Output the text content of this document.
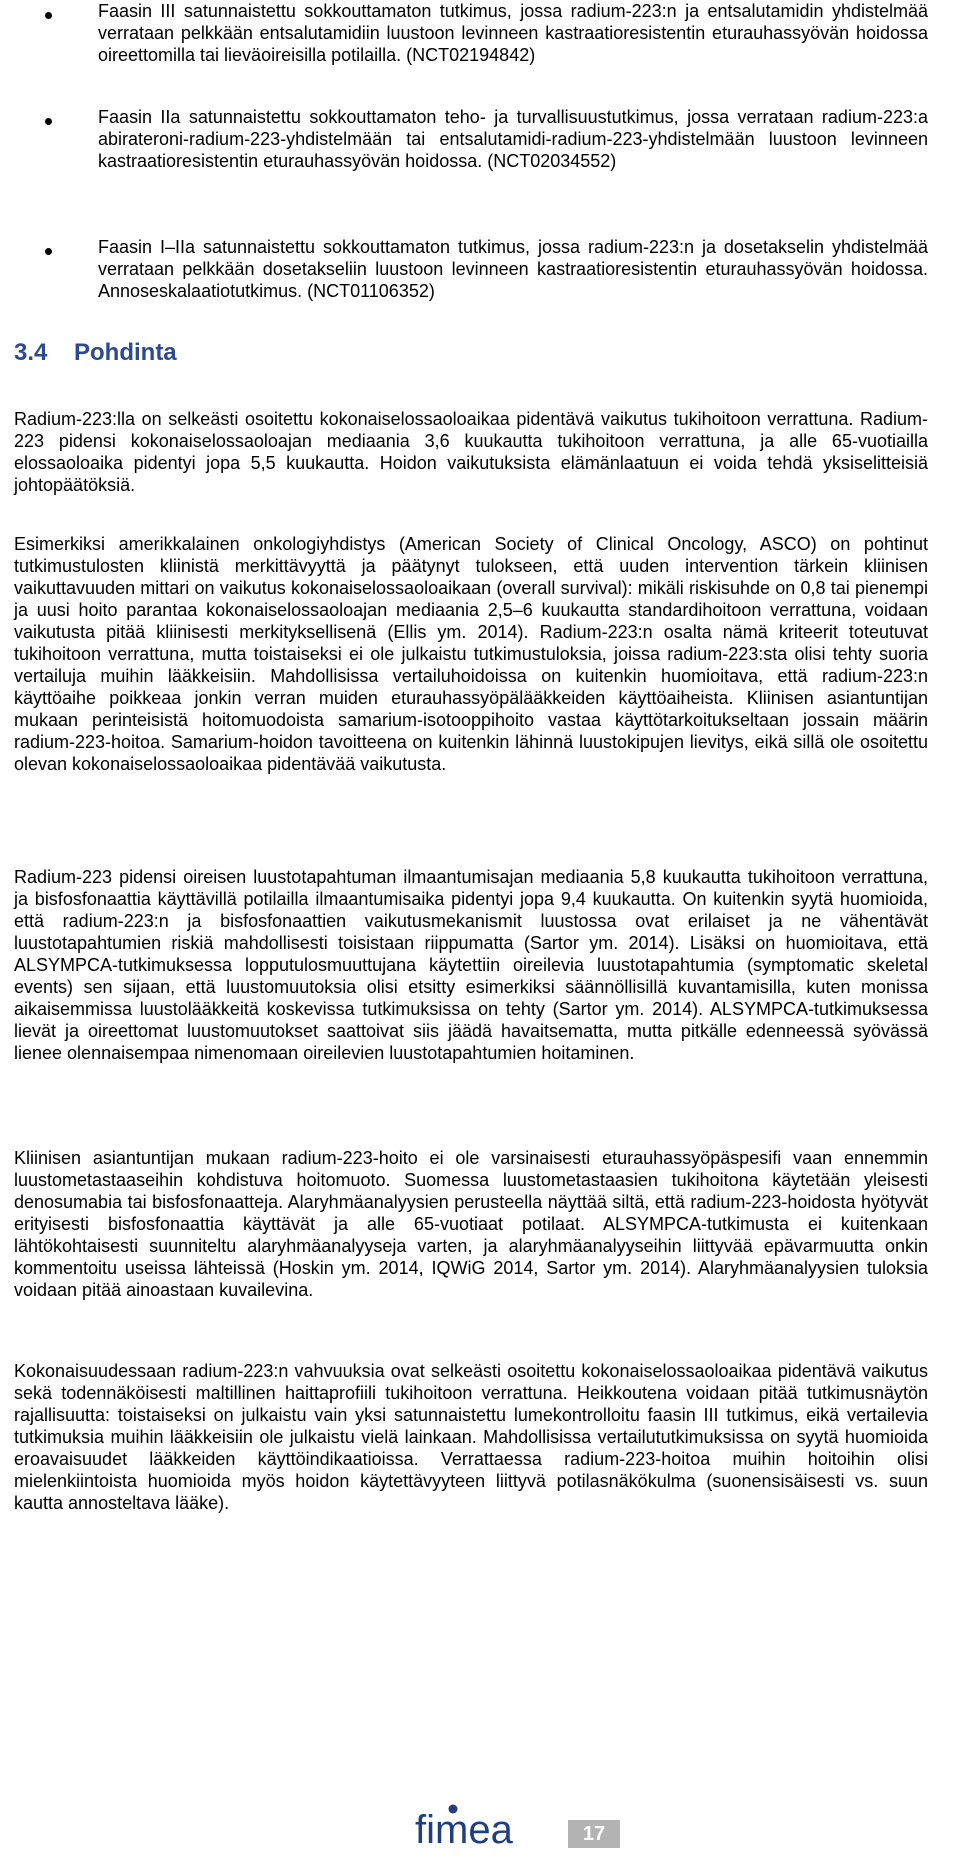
Faasin III satunnaistettu sokkouttamaton tutkimus, jossa radium-223:n ja entsalutamidin yhdistelmää verrataan pelkkään entsalutamidiin luustoon levinneen kastraatioresistentin eturauhassyövän hoidossa oireettomilla tai lieväoireisilla potilailla. (NCT02194842)

Faasin IIa satunnaistettu sokkouttamaton teho- ja turvallisuustutkimus, jossa verrataan radium-223:a abirateroni-radium-223-yhdistelmään tai entsalutamidi-radium-223-yhdistelmään luustoon levinneen kastraatioresistentin eturauhassyövän hoidossa. (NCT02034552)

Faasin I–IIa satunnaistettu sokkouttamaton tutkimus, jossa radium-223:n ja dosetakselin yhdistelmää verrataan pelkkään dosetakseliin luustoon levinneen kastraatioresistentin eturauhassyövän hoidossa. Annoseskalaatiotutkimus. (NCT01106352)

3.4 Pohdinta

Radium-223:lla on selkeästi osoitettu kokonaiselossaoloaikaa pidentävä vaikutus tukihoitoon verrattuna. Radium-223 pidensi kokonaiselossaoloajan mediaania 3,6 kuukautta tukihoitoon verrattuna, ja alle 65-vuotiailla elossaoloaika pidentyi jopa 5,5 kuukautta. Hoidon vaikutuksista elämänlaatuun ei voida tehdä yksiselitteisiä johtopäätöksiä.

Esimerkiksi amerikkalainen onkologiyhdistys (American Society of Clinical Oncology, ASCO) on pohtinut tutkimustulosten kliinistä merkittävyyttä ja päätynyt tulokseen, että uuden intervention tärkein kliinisen vaikuttavuuden mittari on vaikutus kokonaiselossaoloaikaan (overall survival): mikäli riskisuhde on 0,8 tai pienempi ja uusi hoito parantaa kokonaiselossaoloajan mediaania 2,5–6 kuukautta standardihoitoon verrattuna, voidaan vaikutusta pitää kliinisesti merkityksellisenä (Ellis ym. 2014). Radium-223:n osalta nämä kriteerit toteutuvat tukihoitoon verrattuna, mutta toistaiseksi ei ole julkaistu tutkimustuloksia, joissa radium-223:sta olisi tehty suoria vertailuja muihin lääkkeisiin. Mahdollisissa vertailuhoidoissa on kuitenkin huomioitava, että radium-223:n käyttöaihe poikkeaa jonkin verran muiden eturauhassyöpälääkkeiden käyttöaiheista. Kliinisen asiantuntijan mukaan perinteisistä hoitomuodoista samarium-isotooppihoito vastaa käyttötarkoitukseltaan jossain määrin radium-223-hoitoa. Samarium-hoidon tavoitteena on kuitenkin lähinnä luustokipujen lievitys, eikä sillä ole osoitettu olevan kokonaiselossaoloaikaa pidentävää vaikutusta.

Radium-223 pidensi oireisen luustotapahtuman ilmaantumisajan mediaania 5,8 kuukautta tukihoitoon verrattuna, ja bisfosfonaattia käyttävillä potilailla ilmaantumisaika pidentyi jopa 9,4 kuukautta. On kuitenkin syytä huomioida, että radium-223:n ja bisfosfonaattien vaikutusmekanismit luustossa ovat erilaiset ja ne vähentävät luustotapahtumien riskiä mahdollisesti toisistaan riippumatta (Sartor ym. 2014). Lisäksi on huomioitava, että ALSYMPCA-tutkimuksessa lopputulosmuuttujana käytettiin oireilevia luustotapahtumia (symptomatic skeletal events) sen sijaan, että luustomuutoksia olisi etsitty esimerkiksi säännöllisillä kuvantamisilla, kuten monissa aikaisemmissa luustolääkkeitä koskevissa tutkimuksissa on tehty (Sartor ym. 2014). ALSYMPCA-tutkimuksessa lievät ja oireettomat luustomuutokset saattoivat siis jäädä havaitsematta, mutta pitkälle edenneessä syövässä lienee olennaisempaa nimenomaan oireilevien luustotapahtumien hoitaminen.

Kliinisen asiantuntijan mukaan radium-223-hoito ei ole varsinaisesti eturauhassyöpäspesifi vaan ennemmin luustometastaaseihin kohdistuva hoitomuoto. Suomessa luustometastaasien tukihoitona käytetään yleisesti denosumabia tai bisfosfonaatteja. Alaryhmäanalyysien perusteella näyttää siltä, että radium-223-hoidosta hyötyvät erityisesti bisfosfonaattia käyttävät ja alle 65-vuotiaat potilaat. ALSYMPCA-tutkimusta ei kuitenkaan lähtökohtaisesti suunniteltu alaryhmäanalyyseja varten, ja alaryhmäanalyyseihin liittyvää epävarmuutta onkin kommentoitu useissa lähteissä (Hoskin ym. 2014, IQWiG 2014, Sartor ym. 2014). Alaryhmäanalyysien tuloksia voidaan pitää ainoastaan kuvailevina.

Kokonaisuudessaan radium-223:n vahvuuksia ovat selkeästi osoitettu kokonaiselossaoloaikaa pidentävä vaikutus sekä todennäköisesti maltillinen haittaprofiili tukihoitoon verrattuna. Heikkoutena voidaan pitää tutkimusnäytön rajallisuutta: toistaiseksi on julkaistu vain yksi satunnaistettu lumekontrolloitu faasin III tutkimus, eikä vertailevia tutkimuksia muihin lääkkeisiin ole julkaistu vielä lainkaan. Mahdollisissa vertailututkimuksissa on syytä huomioida eroavaisuudet lääkkeiden käyttöindikaatioissa. Verrattaessa radium-223-hoitoa muihin hoitoihin olisi mielenkiintoista huomioida myös hoidon käytettävyyteen liittyvä potilasnäkökulma (suonensisäisesti vs. suun kautta annosteltava lääke).

fimea	17
